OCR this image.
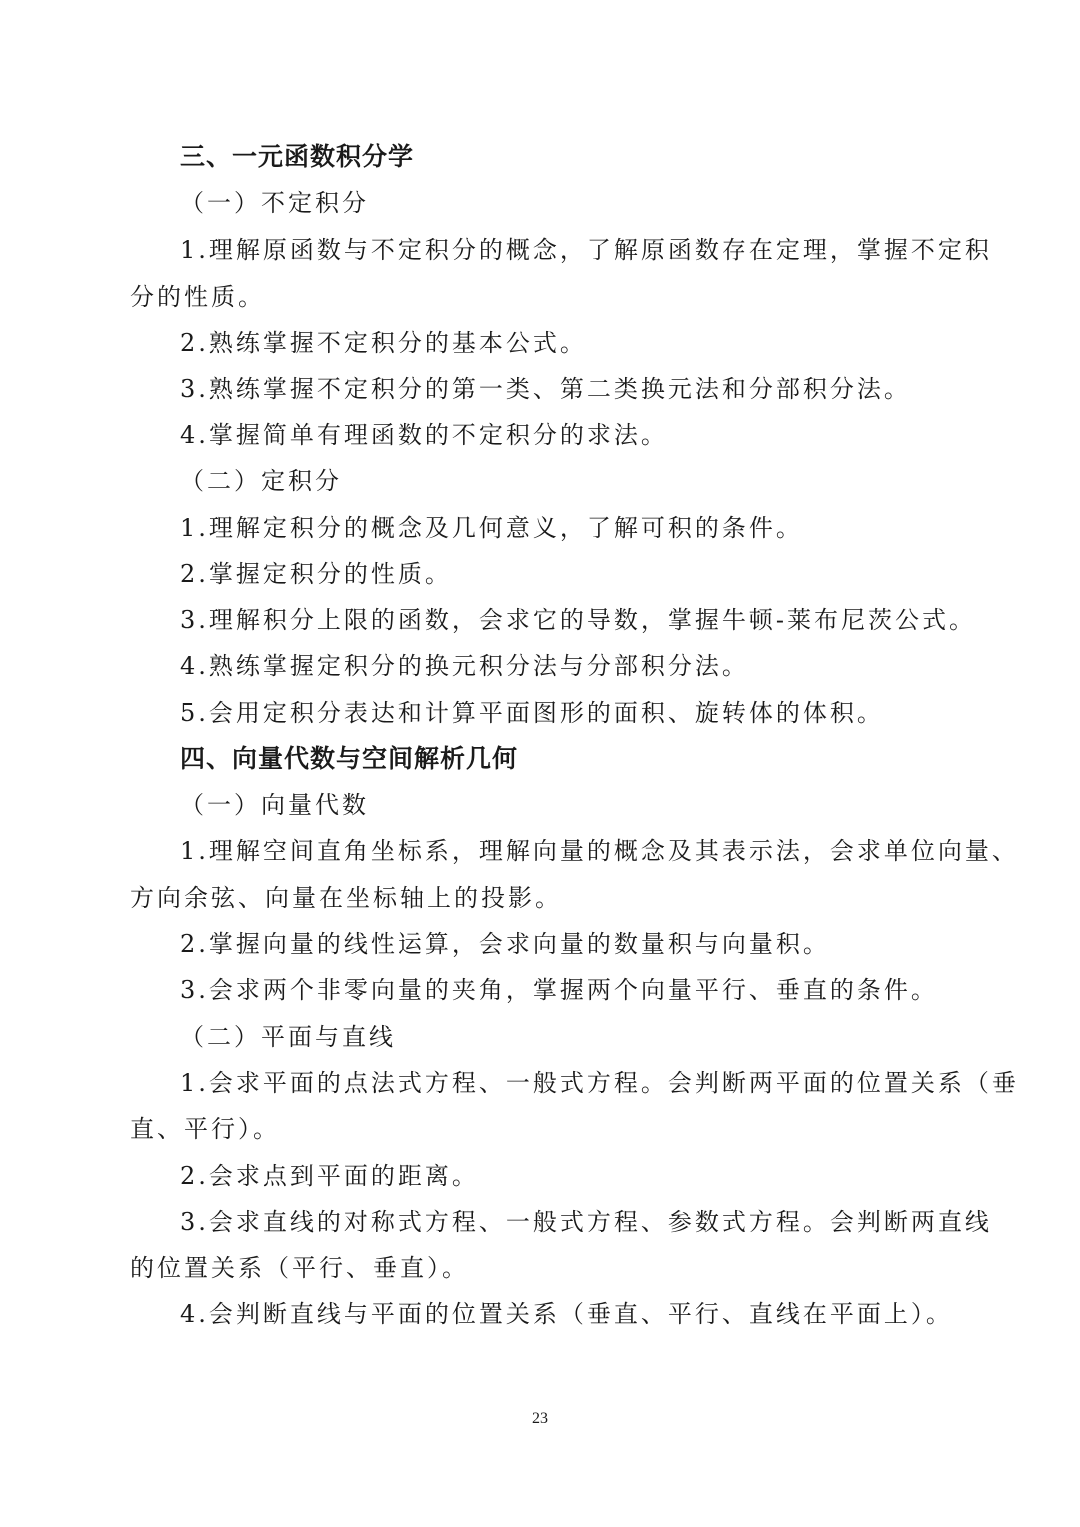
三、一元函数积分学
（一）不定积分
1.理解原函数与不定积分的概念，了解原函数存在定理，掌握不定积
分的性质。
2.熟练掌握不定积分的基本公式。
3.熟练掌握不定积分的第一类、第二类换元法和分部积分法。
4.掌握简单有理函数的不定积分的求法。
（二）定积分
1.理解定积分的概念及几何意义，了解可积的条件。
2.掌握定积分的性质。
3.理解积分上限的函数，会求它的导数，掌握牛顿-莱布尼茨公式。
4.熟练掌握定积分的换元积分法与分部积分法。
5.会用定积分表达和计算平面图形的面积、旋转体的体积。
四、向量代数与空间解析几何
（一）向量代数
1.理解空间直角坐标系，理解向量的概念及其表示法，会求单位向量、
方向余弦、向量在坐标轴上的投影。
2.掌握向量的线性运算，会求向量的数量积与向量积。
3.会求两个非零向量的夹角，掌握两个向量平行、垂直的条件。
（二）平面与直线
1.会求平面的点法式方程、一般式方程。会判断两平面的位置关系（垂
直、平行）。
2.会求点到平面的距离。
3.会求直线的对称式方程、一般式方程、参数式方程。会判断两直线
的位置关系（平行、垂直）。
4.会判断直线与平面的位置关系（垂直、平行、直线在平面上）。
23
